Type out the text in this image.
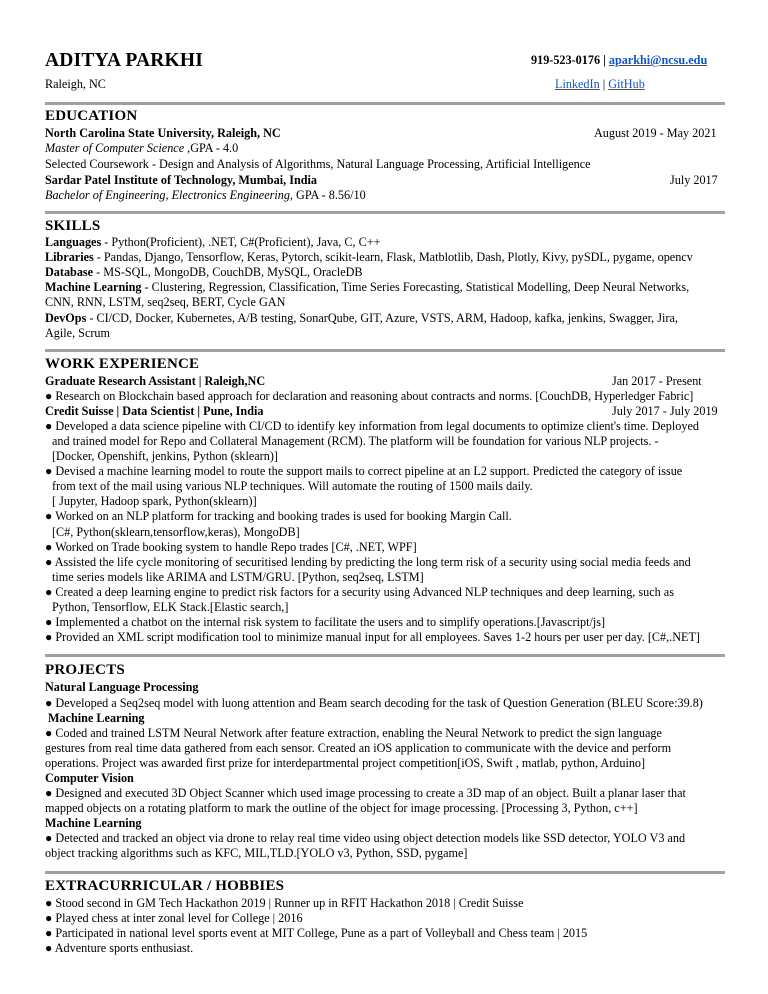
ADITYA PARKHI	919-523-0176 | aparkhi@ncsu.edu
Raleigh, NC	LinkedIn | GitHub
EDUCATION
North Carolina State University, Raleigh, NC	August 2019 - May 2021
Master of Computer Science ,GPA - 4.0
Selected Coursework - Design and Analysis of Algorithms, Natural Language Processing, Artificial Intelligence
Sardar Patel Institute of Technology, Mumbai, India	July 2017
Bachelor of Engineering, Electronics Engineering, GPA - 8.56/10
SKILLS
Languages - Python(Proficient), .NET, C#(Proficient), Java, C, C++
Libraries - Pandas, Django, Tensorflow, Keras, Pytorch, scikit-learn, Flask, Matblotlib, Dash, Plotly, Kivy, pySDL, pygame, opencv
Database - MS-SQL, MongoDB, CouchDB, MySQL, OracleDB
Machine Learning - Clustering, Regression, Classification, Time Series Forecasting, Statistical Modelling, Deep Neural Networks,
CNN, RNN, LSTM, seq2seq, BERT, Cycle GAN
DevOps - CI/CD, Docker, Kubernetes, A/B testing, SonarQube, GIT, Azure, VSTS, ARM, Hadoop, kafka, jenkins, Swagger, Jira,
Agile, Scrum
WORK EXPERIENCE
Graduate Research Assistant | Raleigh,NC	Jan 2017 - Present
● Research on Blockchain based approach for declaration and reasoning about contracts and norms. [CouchDB, Hyperledger Fabric]
Credit Suisse | Data Scientist | Pune, India	July 2017 - July 2019
● Developed a data science pipeline with CI/CD to identify key information from legal documents to optimize client's time. Deployed
and trained model for Repo and Collateral Management (RCM). The platform will be foundation for various NLP projects. -
[Docker, Openshift, jenkins, Python (sklearn)]
● Devised a machine learning model to route the support mails to correct pipeline at an L2 support. Predicted the category of issue
from text of the mail using various NLP techniques. Will automate the routing of 1500 mails daily.
[ Jupyter, Hadoop spark, Python(sklearn)]
● Worked on an NLP platform for tracking and booking trades is used for booking Margin Call.
[C#, Python(sklearn,tensorflow,keras), MongoDB]
● Worked on Trade booking system to handle Repo trades [C#, .NET, WPF]
● Assisted the life cycle monitoring of securitised lending by predicting the long term risk of a security using social media feeds and
time series models like ARIMA and LSTM/GRU. [Python, seq2seq, LSTM]
● Created a deep learning engine to predict risk factors for a security using Advanced NLP techniques and deep learning, such as
Python, Tensorflow, ELK Stack.[Elastic search,]
● Implemented a chatbot on the internal risk system to facilitate the users and to simplify operations.[Javascript/js]
● Provided an XML script modification tool to minimize manual input for all employees. Saves 1-2 hours per user per day. [C#,.NET]
PROJECTS
Natural Language Processing
● Developed a Seq2seq model with luong attention and Beam search decoding for the task of Question Generation (BLEU Score:39.8)
Machine Learning
● Coded and trained LSTM Neural Network after feature extraction, enabling the Neural Network to predict the sign language
gestures from real time data gathered from each sensor. Created an iOS application to communicate with the device and perform
operations. Project was awarded first prize for interdepartmental project competition[iOS, Swift , matlab, python, Arduino]
Computer Vision
● Designed and executed 3D Object Scanner which used image processing to create a 3D map of an object. Built a planar laser that
mapped objects on a rotating platform to mark the outline of the object for image processing. [Processing 3, Python, c++]
Machine Learning
● Detected and tracked an object via drone to relay real time video using object detection models like SSD detector, YOLO V3 and
object tracking algorithms such as KFC, MIL,TLD.[YOLO v3, Python, SSD, pygame]
EXTRACURRICULAR / HOBBIES
● Stood second in GM Tech Hackathon 2019 | Runner up in RFIT Hackathon 2018 | Credit Suisse
● Played chess at inter zonal level for College | 2016
● Participated in national level sports event at MIT College, Pune as a part of Volleyball and Chess team | 2015
● Adventure sports enthusiast.
